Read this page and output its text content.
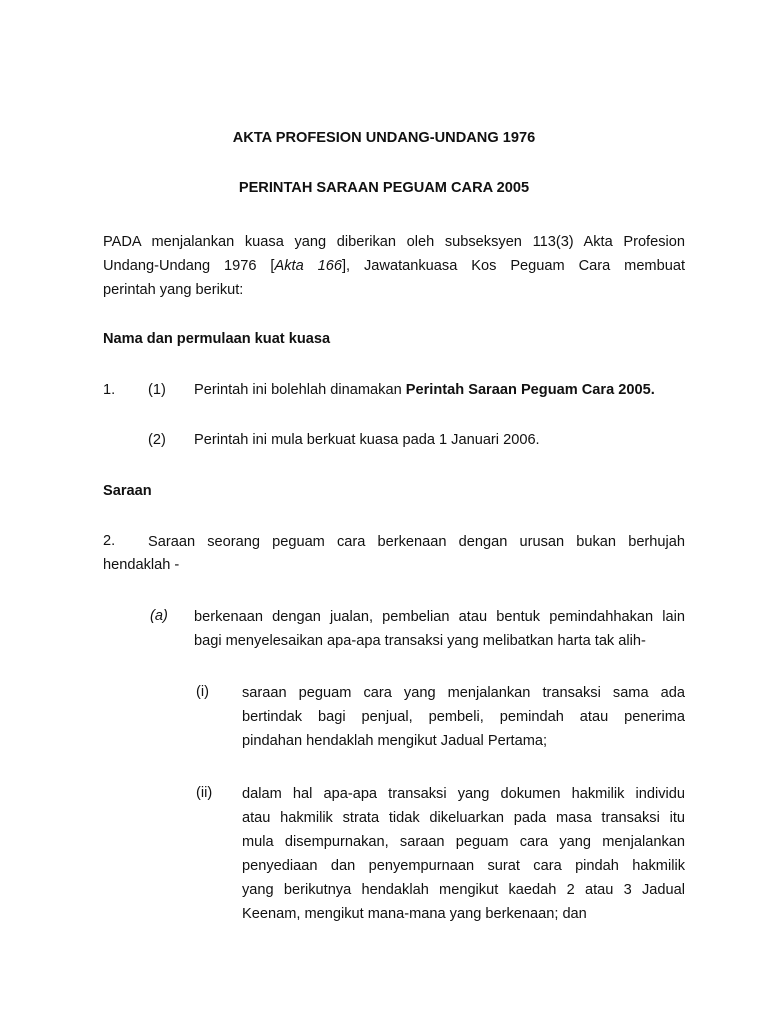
AKTA PROFESION UNDANG-UNDANG 1976

PERINTAH SARAAN PEGUAM CARA 2005

PADA menjalankan kuasa yang diberikan oleh subseksyen 113(3) Akta Profesion
Undang-Undang 1976 [Akta 166], Jawatankuasa Kos Peguam Cara membuat
perintah yang berikut:

Nama dan permulaan kuat kuasa

1. (1) Perintah ini bolehlah dinamakan Perintah Saraan Peguam Cara 2005.

(2) Perintah ini mula berkuat kuasa pada 1 Januari 2006.

Saraan

2. Saraan seorang peguam cara berkenaan dengan urusan bukan berhujah

hendaklah -

(a) berkenaan dengan jualan, pembelian atau bentuk pemindahhakan lain
bagi menyelesaikan apa-apa transaksi yang melibatkan harta tak alih-

(i) saraan peguam cara yang menjalankan transaksi sama ada
bertindak bagi penjual, pembeli, pemindah atau penerima
pindahan hendaklah mengikut Jadual Pertama;

(ii) dalam hal apa-apa transaksi yang dokumen hakmilik individu
atau hakmilik strata tidak dikeluarkan pada masa transaksi itu
mula disempurnakan, saraan peguam cara yang menjalankan
penyediaan dan penyempurnaan surat cara pindah hakmilik
yang berikutnya hendaklah mengikut kaedah 2 atau 3 Jadual
Keenam, mengikut mana-mana yang berkenaan; dan
